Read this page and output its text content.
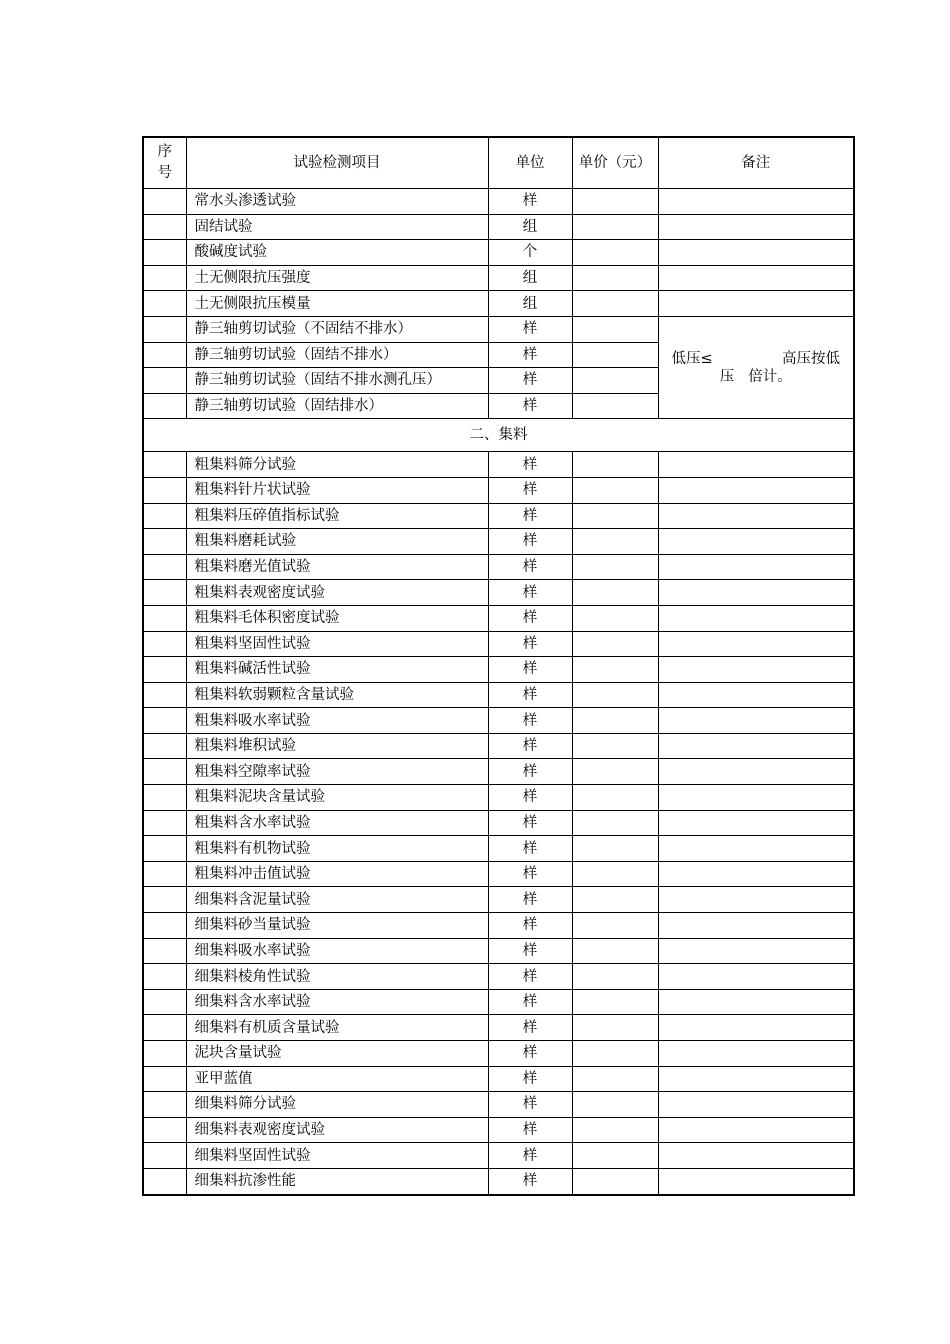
序
号	试验检测项目	单位	单价（元）	备注
	常水头渗透试验	样		
	固结试验	组		
	酸碱度试验	个		
	土无侧限抗压强度	组		
	土无侧限抗压模量	组		
	静三轴剪切试验（不固结不排水）	样		低压≤ 高压按低
压 倍计。

	静三轴剪切试验（固结不排水）	样		
	静三轴剪切试验（固结不排水测孔压）	样		
	静三轴剪切试验（固结排水）	样		
二、集料				
	粗集料筛分试验	样		
	粗集料针片状试验	样		
	粗集料压碎值指标试验	样		
	粗集料磨耗试验	样		
	粗集料磨光值试验	样		
	粗集料表观密度试验	样		
	粗集料毛体积密度试验	样		
	粗集料坚固性试验	样		
	粗集料碱活性试验	样		
	粗集料软弱颗粒含量试验	样		
	粗集料吸水率试验	样		
	粗集料堆积试验	样		
	粗集料空隙率试验	样		
	粗集料泥块含量试验	样		
	粗集料含水率试验	样		
	粗集料有机物试验	样		
	粗集料冲击值试验	样		
	细集料含泥量试验	样		
	细集料砂当量试验	样		
	细集料吸水率试验	样		
	细集料棱角性试验	样		
	细集料含水率试验	样		
	细集料有机质含量试验	样		
	泥块含量试验	样		
	亚甲蓝值	样		
	细集料筛分试验	样		
	细集料表观密度试验	样		
	细集料坚固性试验	样		
	细集料抗渗性能	样		
